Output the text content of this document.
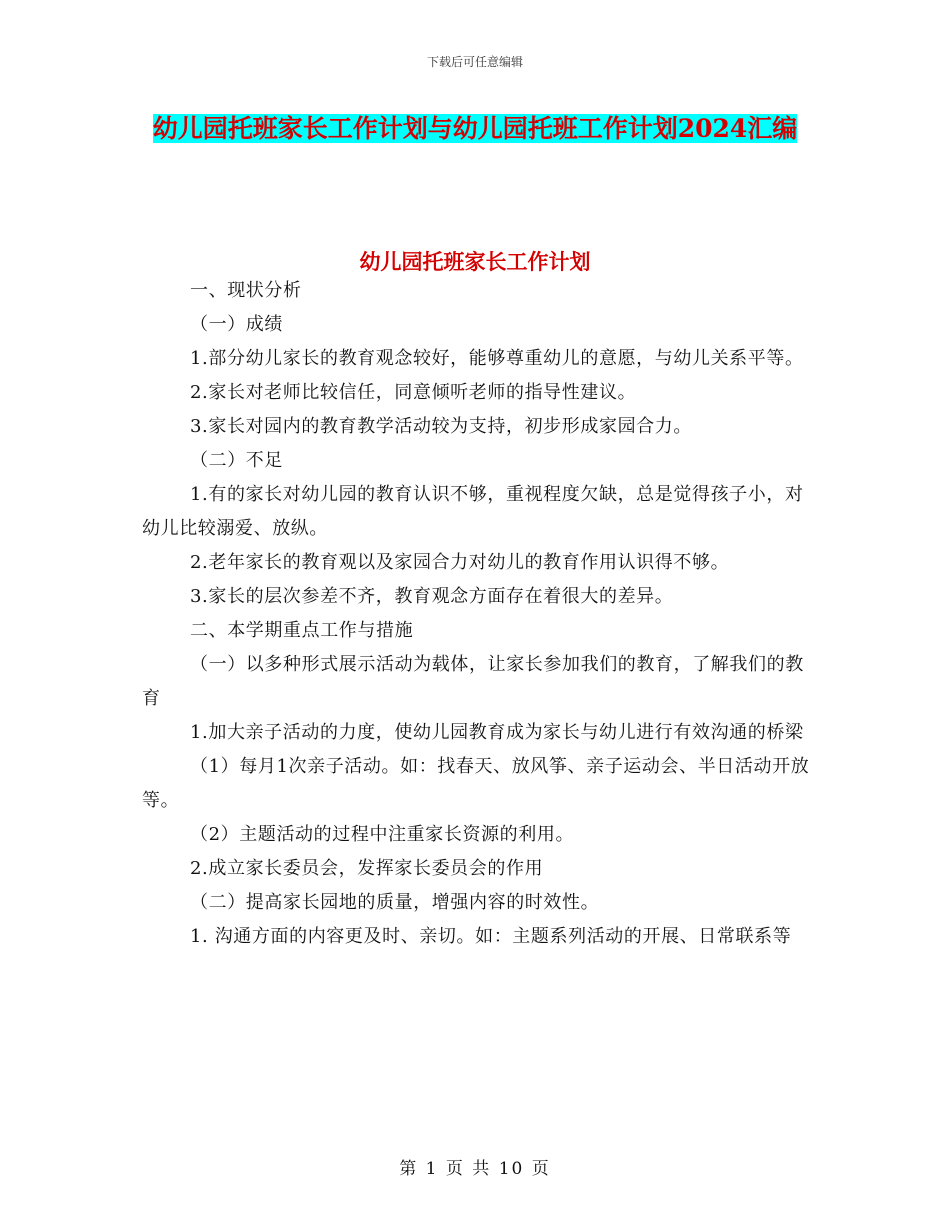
下载后可任意编辑
幼儿园托班家长工作计划与幼儿园托班工作计划2024汇编
幼儿园托班家长工作计划

一、现状分析

（一）成绩

1.部分幼儿家长的教育观念较好，能够尊重幼儿的意愿，与幼儿关系平等。

2.家长对老师比较信任，同意倾听老师的指导性建议。

3.家长对园内的教育教学活动较为支持，初步形成家园合力。

（二）不足

1.有的家长对幼儿园的教育认识不够，重视程度欠缺，总是觉得孩子小，对幼儿比较溺爱、放纵。

2.老年家长的教育观以及家园合力对幼儿的教育作用认识得不够。

3.家长的层次参差不齐，教育观念方面存在着很大的差异。

二、本学期重点工作与措施

（一）以多种形式展示活动为载体，让家长参加我们的教育，了解我们的教育

1.加大亲子活动的力度，使幼儿园教育成为家长与幼儿进行有效沟通的桥梁

（1）每月1次亲子活动。如：找春天、放风筝、亲子运动会、半日活动开放等。

（2）主题活动的过程中注重家长资源的利用。

2.成立家长委员会，发挥家长委员会的作用

（二）提高家长园地的质量，增强内容的时效性。

1. 沟通方面的内容更及时、亲切。如：主题系列活动的开展、日常联系等

第 1 页 共 10 页
